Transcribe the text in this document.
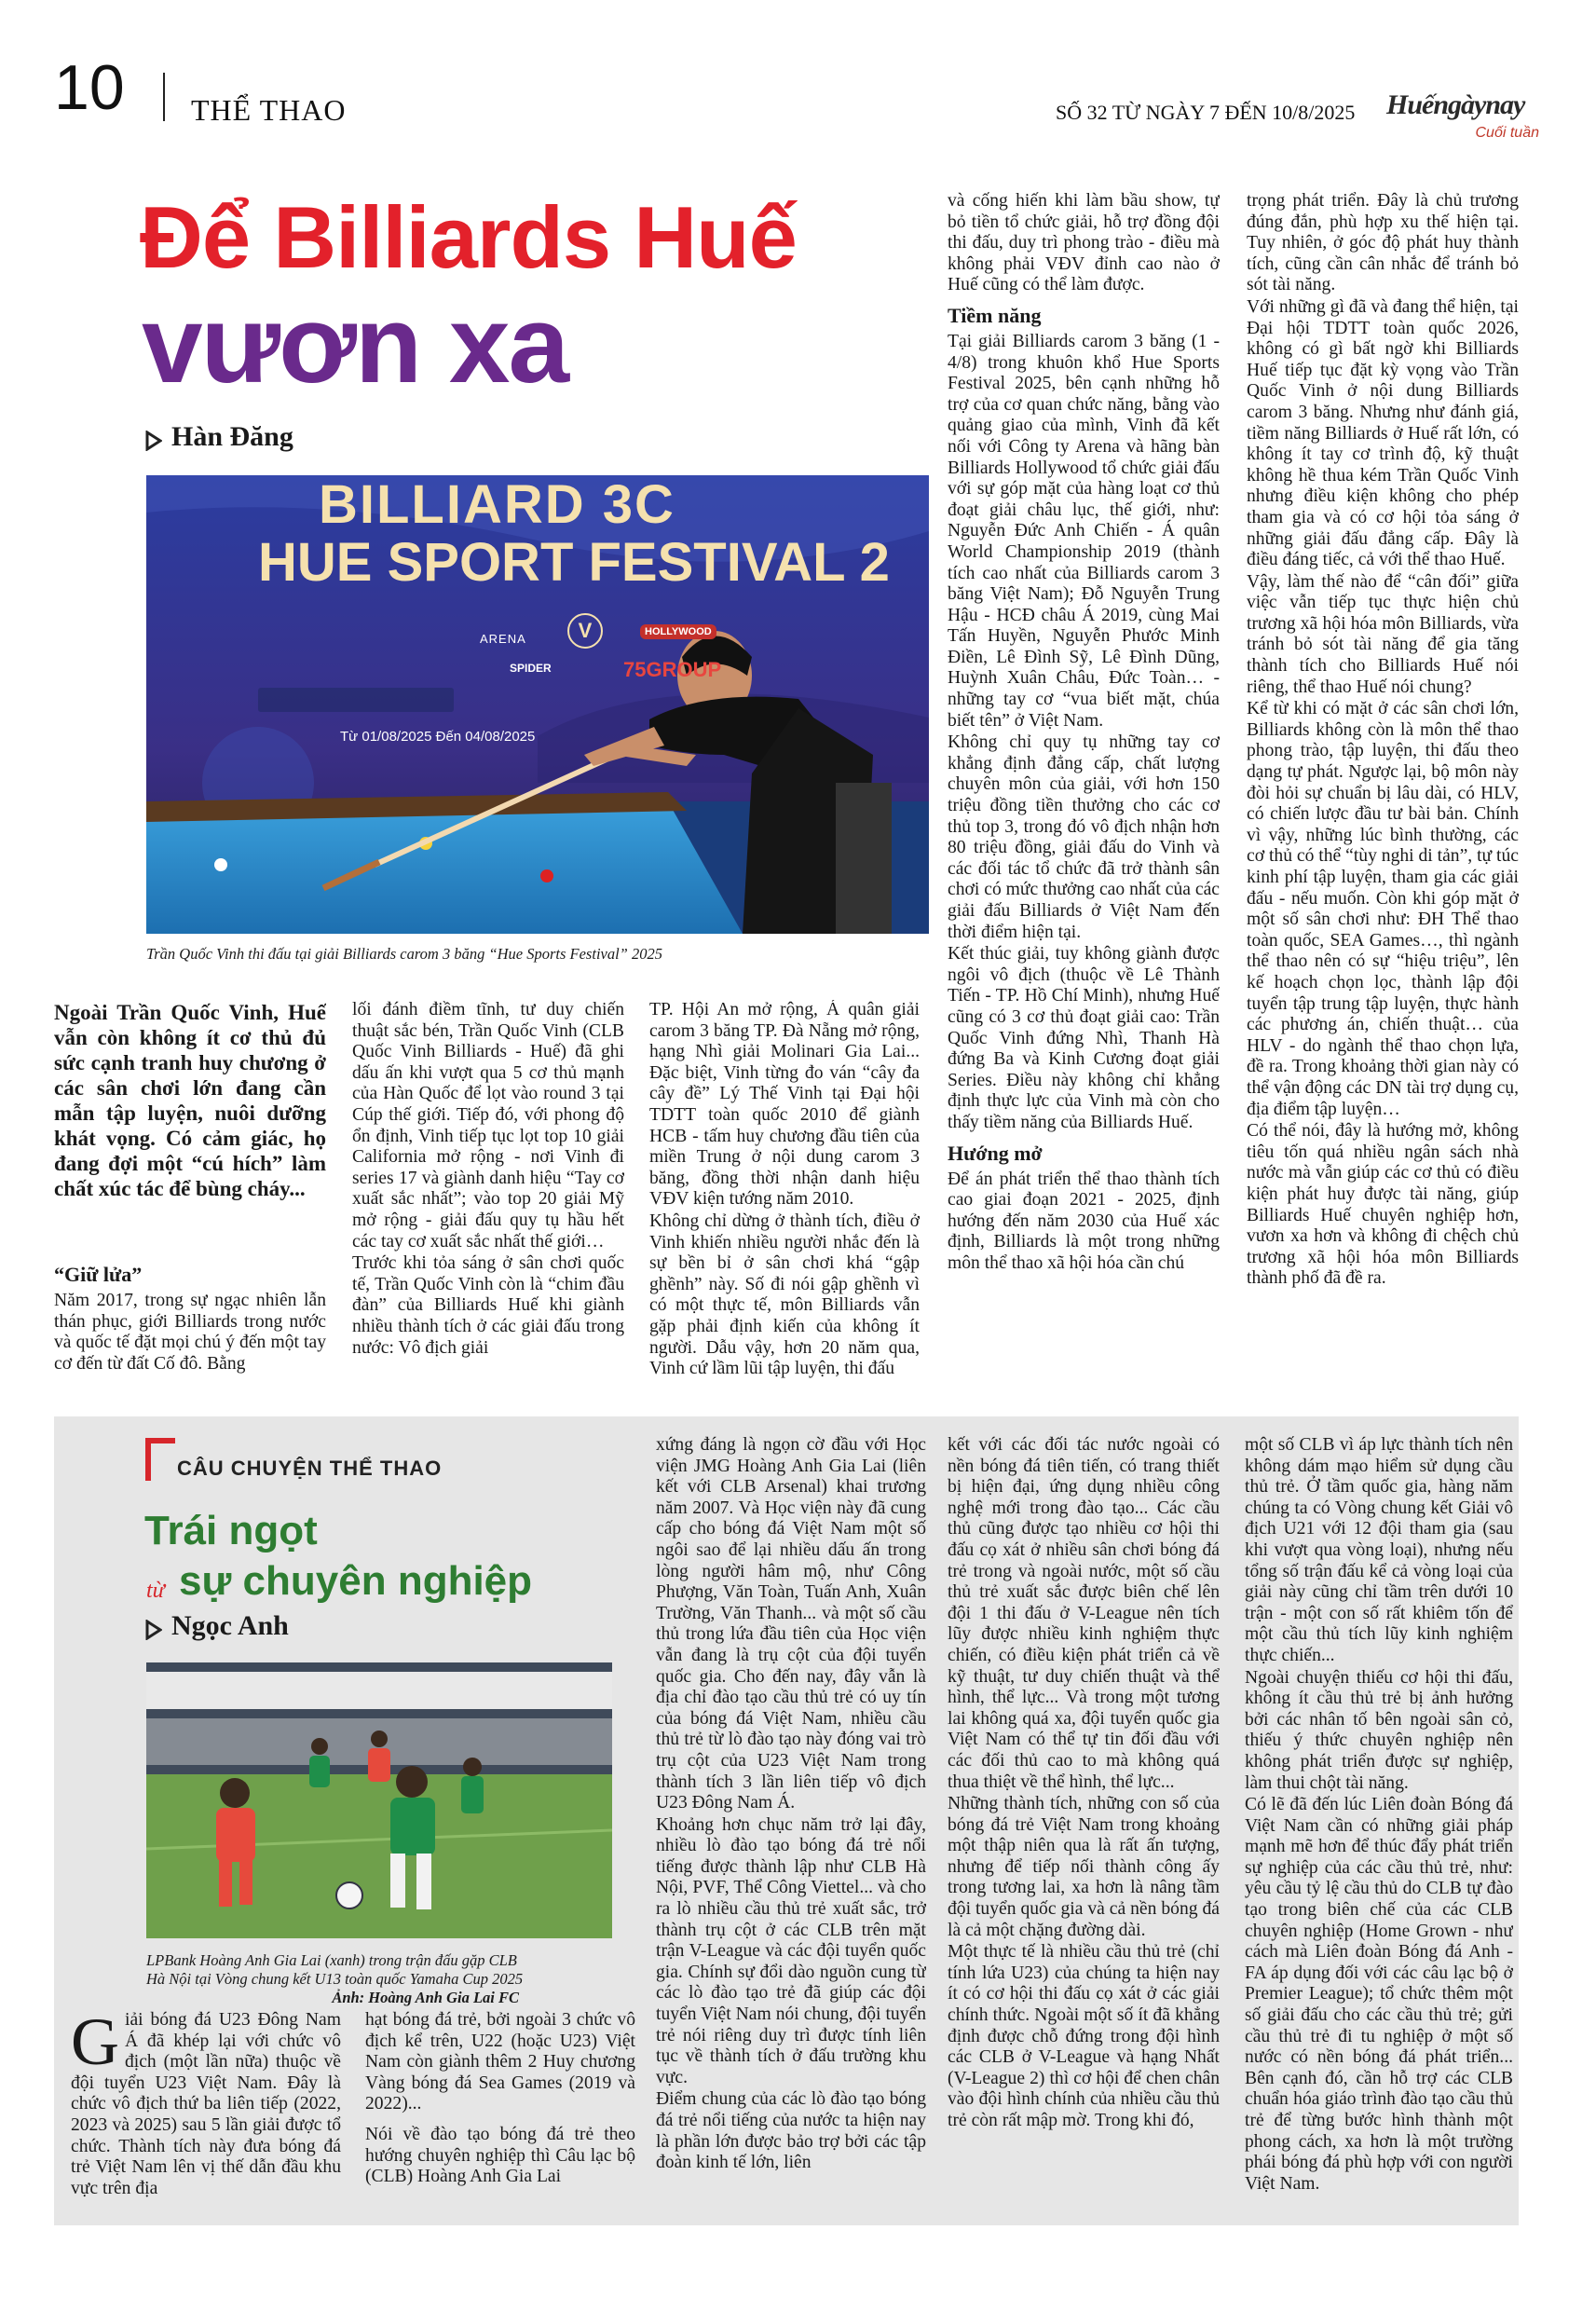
10 THỂ THAO	SỐ 32 TỪ NGÀY 7 ĐẾN 10/8/2025 Huếngàynay
Cuối tuần
Để Billiards Huế
vươn xa
Hàn Đăng
BILLIARD 3C
HUE SPORT FESTIVAL 2
ARENA	V	HOLLYWOOD
SPIDER	75GROUP
Từ 01/08/2025 Đến 04/08/2025
Trần Quốc Vinh thi đấu tại giải Billiards carom 3 băng “Hue Sports Festival” 2025
Ngoài Trần Quốc Vinh, Huế vẫn còn không ít cơ thủ đủ sức cạnh tranh huy chương ở các sân chơi lớn đang cần mẫn tập luyện, nuôi dưỡng khát vọng. Có cảm giác, họ đang đợi một “cú hích” làm chất xúc tác để bùng cháy...
“Giữ lửa”

Năm 2017, trong sự ngạc nhiên lẫn thán phục, giới Billiards trong nước và quốc tế đặt mọi chú ý đến một tay cơ đến từ đất Cố đô. Bằng

lối đánh điềm tĩnh, tư duy chiến thuật sắc bén, Trần Quốc Vinh (CLB Quốc Vinh Billiards - Huế) đã ghi dấu ấn khi vượt qua 5 cơ thủ mạnh của Hàn Quốc để lọt vào round 3 tại Cúp thế giới. Tiếp đó, với phong độ ổn định, Vinh tiếp tục lọt top 10 giải California mở rộng - nơi Vinh đi series 17 và giành danh hiệu “Tay cơ xuất sắc nhất”; vào top 20 giải Mỹ mở rộng - giải đấu quy tụ hầu hết các tay cơ xuất sắc nhất thế giới…

Trước khi tỏa sáng ở sân chơi quốc tế, Trần Quốc Vinh còn là “chim đầu đàn” của Billiards Huế khi giành nhiều thành tích ở các giải đấu trong nước: Vô địch giải

TP. Hội An mở rộng, Á quân giải carom 3 băng TP. Đà Nẵng mở rộng, hạng Nhì giải Molinari Gia Lai... Đặc biệt, Vinh từng đo ván “cây đa cây đề” Lý Thế Vinh tại Đại hội TDTT toàn quốc 2010 để giành HCB - tấm huy chương đầu tiên của miền Trung ở nội dung carom 3 băng, đồng thời nhận danh hiệu VĐV kiện tướng năm 2010.

Không chỉ dừng ở thành tích, điều ở Vinh khiến nhiều người nhắc đến là sự bền bỉ ở sân chơi khá “gập ghềnh” này. Số đi nói gập ghềnh vì có một thực tế, môn Billiards vẫn gặp phải định kiến của không ít người. Dẫu vậy, hơn 20 năm qua, Vinh cứ lầm lũi tập luyện, thi đấu

và cống hiến khi làm bầu show, tự bỏ tiền tổ chức giải, hỗ trợ đồng đội thi đấu, duy trì phong trào - điều mà không phải VĐV đỉnh cao nào ở Huế cũng có thể làm được.

Tiềm năng

Tại giải Billiards carom 3 băng (1 - 4/8) trong khuôn khổ Hue Sports Festival 2025, bên cạnh những hỗ trợ của cơ quan chức năng, bằng vào quảng giao của mình, Vinh đã kết nối với Công ty Arena và hãng bàn Billiards Hollywood tổ chức giải đấu với sự góp mặt của hàng loạt cơ thủ đoạt giải châu lục, thế giới, như: Nguyễn Đức Anh Chiến - Á quân World Championship 2019 (thành tích cao nhất của Billiards carom 3 băng Việt Nam); Đỗ Nguyễn Trung Hậu - HCĐ châu Á 2019, cùng Mai Tấn Huyền, Nguyễn Phước Minh Điền, Lê Đình Sỹ, Lê Đình Dũng, Huỳnh Xuân Châu, Đức Toàn… - những tay cơ “vua biết mặt, chúa biết tên” ở Việt Nam.

Không chỉ quy tụ những tay cơ khẳng định đẳng cấp, chất lượng chuyên môn của giải, với hơn 150 triệu đồng tiền thưởng cho các cơ thủ top 3, trong đó vô địch nhận hơn 80 triệu đồng, giải đấu do Vinh và các đối tác tổ chức đã trở thành sân chơi có mức thưởng cao nhất của các giải đấu Billiards ở Việt Nam đến thời điểm hiện tại.

Kết thúc giải, tuy không giành được ngôi vô địch (thuộc về Lê Thành Tiến - TP. Hồ Chí Minh), nhưng Huế cũng có 3 cơ thủ đoạt giải cao: Trần Quốc Vinh đứng Nhì, Thanh Hà đứng Ba và Kinh Cương đoạt giải Series. Điều này không chỉ khẳng định thực lực của Vinh mà còn cho thấy tiềm năng của Billiards Huế.

Hướng mở

Để án phát triển thể thao thành tích cao giai đoạn 2021 - 2025, định hướng đến năm 2030 của Huế xác định, Billiards là một trong những môn thể thao xã hội hóa cần chú

trọng phát triển. Đây là chủ trương đúng đắn, phù hợp xu thế hiện tại. Tuy nhiên, ở góc độ phát huy thành tích, cũng cần cân nhắc để tránh bỏ sót tài năng.

Với những gì đã và đang thể hiện, tại Đại hội TDTT toàn quốc 2026, không có gì bất ngờ khi Billiards Huế tiếp tục đặt kỳ vọng vào Trần Quốc Vinh ở nội dung Billiards carom 3 băng. Nhưng như đánh giá, tiềm năng Billiards ở Huế rất lớn, có không ít tay cơ trình độ, kỹ thuật không hề thua kém Trần Quốc Vinh nhưng điều kiện không cho phép tham gia và có cơ hội tỏa sáng ở những giải đấu đẳng cấp. Đây là điều đáng tiếc, cả với thể thao Huế.

Vậy, làm thế nào để “cân đối” giữa việc vẫn tiếp tục thực hiện chủ trương xã hội hóa môn Billiards, vừa tránh bỏ sót tài năng để gia tăng thành tích cho Billiards Huế nói riêng, thể thao Huế nói chung?

Kể từ khi có mặt ở các sân chơi lớn, Billiards không còn là môn thể thao phong trào, tập luyện, thi đấu theo dạng tự phát. Ngược lại, bộ môn này đòi hỏi sự chuẩn bị lâu dài, có HLV, có chiến lược đầu tư bài bản. Chính vì vậy, những lúc bình thường, các cơ thủ có thể “tùy nghi di tản”, tự túc kinh phí tập luyện, tham gia các giải đấu - nếu muốn. Còn khi góp mặt ở một số sân chơi như: ĐH Thể thao toàn quốc, SEA Games…, thì ngành thể thao nên có sự “hiệu triệu”, lên kế hoạch chọn lọc, thành lập đội tuyển tập trung tập luyện, thực hành các phương án, chiến thuật… của HLV - do ngành thể thao chọn lựa, đề ra. Trong khoảng thời gian này có thể vận động các DN tài trợ dụng cụ, địa điểm tập luyện…

Có thể nói, đây là hướng mở, không tiêu tốn quá nhiều ngân sách nhà nước mà vẫn giúp các cơ thủ có điều kiện phát huy được tài năng, giúp Billiards Huế chuyên nghiệp hơn, vươn xa hơn và không đi chệch chủ trương xã hội hóa môn Billiards thành phố đã đề ra.

CÂU CHUYỆN THỂ THAO
Trái ngọt
từ sự chuyên nghiệp
Ngọc Anh
LPBank Hoàng Anh Gia Lai (xanh) trong trận đấu gặp CLB
Hà Nội tại Vòng chung kết U13 toàn quốc Yamaha Cup 2025
Ảnh: Hoàng Anh Gia Lai FC
G iải bóng đá U23 Đông Nam Á đã khép lại với chức vô địch (một lần nữa) thuộc về đội tuyển U23 Việt Nam. Đây là chức vô địch thứ ba liên tiếp (2022, 2023 và 2025) sau 5 lần giải được tổ chức. Thành tích này đưa bóng đá trẻ Việt Nam lên vị thế dẫn đầu khu vực trên địa

hạt bóng đá trẻ, bởi ngoài 3 chức vô địch kể trên, U22 (hoặc U23) Việt Nam còn giành thêm 2 Huy chương Vàng bóng đá Sea Games (2019 và 2022)...

Nói về đào tạo bóng đá trẻ theo hướng chuyên nghiệp thì Câu lạc bộ (CLB) Hoàng Anh Gia Lai

xứng đáng là ngọn cờ đầu với Học viện JMG Hoàng Anh Gia Lai (liên kết với CLB Arsenal) khai trương năm 2007. Và Học viện này đã cung cấp cho bóng đá Việt Nam một số ngôi sao để lại nhiều dấu ấn trong lòng người hâm mộ, như Công Phượng, Văn Toàn, Tuấn Anh, Xuân Trường, Văn Thanh... và một số cầu thủ trong lứa đầu tiên của Học viện vẫn đang là trụ cột của đội tuyển quốc gia. Cho đến nay, đây vẫn là địa chỉ đào tạo cầu thủ trẻ có uy tín của bóng đá Việt Nam, nhiều cầu thủ trẻ từ lò đào tạo này đóng vai trò trụ cột của U23 Việt Nam trong thành tích 3 lần liên tiếp vô địch U23 Đông Nam Á.

Khoảng hơn chục năm trở lại đây, nhiều lò đào tạo bóng đá trẻ nổi tiếng được thành lập như CLB Hà Nội, PVF, Thể Công Viettel... và cho ra lò nhiều cầu thủ trẻ xuất sắc, trở thành trụ cột ở các CLB trên mặt trận V-League và các đội tuyển quốc gia. Chính sự đổi dào nguồn cung từ các lò đào tạo trẻ đã giúp các đội tuyển Việt Nam nói chung, đội tuyển trẻ nói riêng duy trì được tính liên tục về thành tích ở đấu trường khu vực.

Điểm chung của các lò đào tạo bóng đá trẻ nổi tiếng của nước ta hiện nay là phần lớn được bảo trợ bởi các tập đoàn kinh tế lớn, liên

kết với các đối tác nước ngoài có nền bóng đá tiên tiến, có trang thiết bị hiện đại, ứng dụng nhiều công nghệ mới trong đào tạo... Các cầu thủ cũng được tạo nhiều cơ hội thi đấu cọ xát ở nhiều sân chơi bóng đá trẻ trong và ngoài nước, một số cầu thủ trẻ xuất sắc được biên chế lên đội 1 thi đấu ở V-League nên tích lũy được nhiều kinh nghiệm thực chiến, có điều kiện phát triển cả về kỹ thuật, tư duy chiến thuật và thể hình, thể lực... Và trong một tương lai không quá xa, đội tuyển quốc gia Việt Nam có thể tự tin đối đầu với các đối thủ cao to mà không quá thua thiệt về thể hình, thể lực...

Những thành tích, những con số của bóng đá trẻ Việt Nam trong khoảng một thập niên qua là rất ấn tượng, nhưng để tiếp nối thành công ấy trong tương lai, xa hơn là nâng tầm đội tuyển quốc gia và cả nền bóng đá là cả một chặng đường dài.

Một thực tế là nhiều cầu thủ trẻ (chỉ tính lứa U23) của chúng ta hiện nay ít có cơ hội thi đấu cọ xát ở các giải chính thức. Ngoài một số ít đã khẳng định được chỗ đứng trong đội hình các CLB ở V-League và hạng Nhất (V-League 2) thì cơ hội để chen chân vào đội hình chính của nhiều cầu thủ trẻ còn rất mập mờ. Trong khi đó,

một số CLB vì áp lực thành tích nên không dám mạo hiểm sử dụng cầu thủ trẻ. Ở tầm quốc gia, hàng năm chúng ta có Vòng chung kết Giải vô địch U21 với 12 đội tham gia (sau khi vượt qua vòng loại), nhưng nếu tổng số trận đấu kể cả vòng loại của giải này cũng chỉ tầm trên dưới 10 trận - một con số rất khiêm tốn để một cầu thủ tích lũy kinh nghiệm thực chiến...

Ngoài chuyện thiếu cơ hội thi đấu, không ít cầu thủ trẻ bị ảnh hưởng bởi các nhân tố bên ngoài sân cỏ, thiếu ý thức chuyên nghiệp nên không phát triển được sự nghiệp, làm thui chột tài năng.

Có lẽ đã đến lúc Liên đoàn Bóng đá Việt Nam cần có những giải pháp mạnh mẽ hơn để thúc đẩy phát triển sự nghiệp của các cầu thủ trẻ, như: yêu cầu tỷ lệ cầu thủ do CLB tự đào tạo trong biên chế của các CLB chuyên nghiệp (Home Grown - như cách mà Liên đoàn Bóng đá Anh - FA áp dụng đối với các câu lạc bộ ở Premier League); tổ chức thêm một số giải đấu cho các cầu thủ trẻ; gửi cầu thủ trẻ đi tu nghiệp ở một số nước có nền bóng đá phát triển... Bên cạnh đó, cần hỗ trợ các CLB chuẩn hóa giáo trình đào tạo cầu thủ trẻ để từng bước hình thành một phong cách, xa hơn là một trường phái bóng đá phù hợp với con người Việt Nam.
